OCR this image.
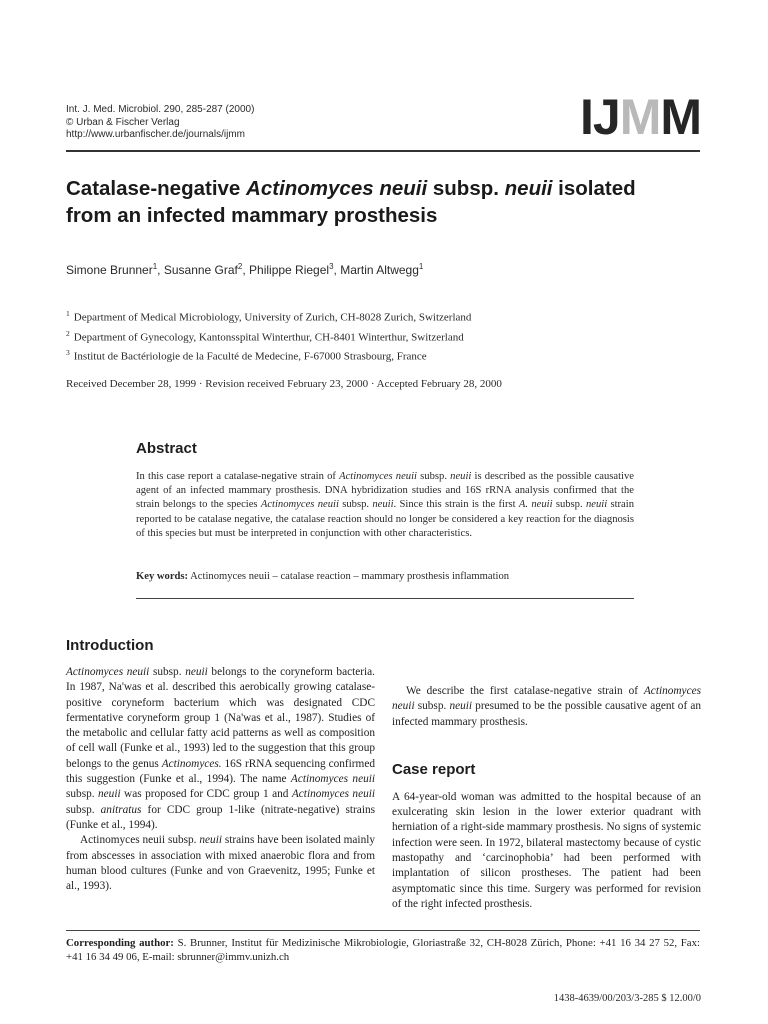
Int. J. Med. Microbiol. 290, 285-287 (2000)
© Urban & Fischer Verlag
http://www.urbanfischer.de/journals/ijmm	IJMM
Catalase-negative Actinomyces neuii subsp. neuii isolated
from an infected mammary prosthesis
Simone Brunner$^1$, Susanne Graf$^2$, Philippe Riegel$^3$, Martin Altwegg$^1$
$^1$ Department of Medical Microbiology, University of Zurich, CH-8028 Zurich, Switzerland
$^2$ Department of Gynecology, Kantonsspital Winterthur, CH-8401 Winterthur, Switzerland
$^3$ Institut de Bactériologie de la Faculté de Medecine, F-67000 Strasbourg, France
Received December 28, 1999 · Revision received February 23, 2000 · Accepted February 28, 2000
Abstract
In this case report a catalase-negative strain of Actinomyces neuii subsp. neuii is described as the possible causative agent of an infected mammary prosthesis. DNA hybridization studies and 16S rRNA analysis confirmed that the strain belongs to the species Actinomyces neuii subsp. neuii. Since this strain is the first A. neuii subsp. neuii strain reported to be catalase negative, the catalase reaction should no longer be considered a key reaction for the diagnosis of this species but must be interpreted in conjunction with other characteristics.
Key words: Actinomyces neuii – catalase reaction – mammary prosthesis inflammation
Introduction

Actinomyces neuii subsp. neuii belongs to the coryneform bacteria. In 1987, Na'was et al. described this aerobically growing catalase-positive coryneform bacterium which was designated CDC fermentative coryneform group 1 (Na'was et al., 1987). Studies of the metabolic and cellular fatty acid patterns as well as composition of cell wall (Funke et al., 1993) led to the suggestion that this group belongs to the genus Actinomyces. 16S rRNA sequencing confirmed this suggestion (Funke et al., 1994). The name Actinomyces neuii subsp. neuii was proposed for CDC group 1 and Actinomyces neuii subsp. anitratus for CDC group 1-like (nitrate-negative) strains (Funke et al., 1994).

Actinomyces neuii subsp. neuii strains have been isolated mainly from abscesses in association with mixed anaerobic flora and from human blood cultures (Funke and von Graevenitz, 1995; Funke et al., 1993).

We describe the first catalase-negative strain of Actinomyces neuii subsp. neuii presumed to be the possible causative agent of an infected mammary prosthesis.

Case report

A 64-year-old woman was admitted to the hospital because of an exulcerating skin lesion in the lower exterior quadrant with herniation of a right-side mammary prosthesis. No signs of systemic infection were seen. In 1972, bilateral mastectomy because of cystic mastopathy and ‘carcinophobia’ had been performed with implantation of silicon prostheses. The patient had been asymptomatic since this time. Surgery was performed for revision of the right infected prosthesis.

Corresponding author: S. Brunner, Institut für Medizinische Mikrobiologie, Gloriastraße 32, CH-8028 Zürich, Phone: +41 16 34 27 52, Fax: +41 16 34 49 06, E-mail: sbrunner@immv.unizh.ch
1438-4639/00/203/3-285 $ 12.00/0
